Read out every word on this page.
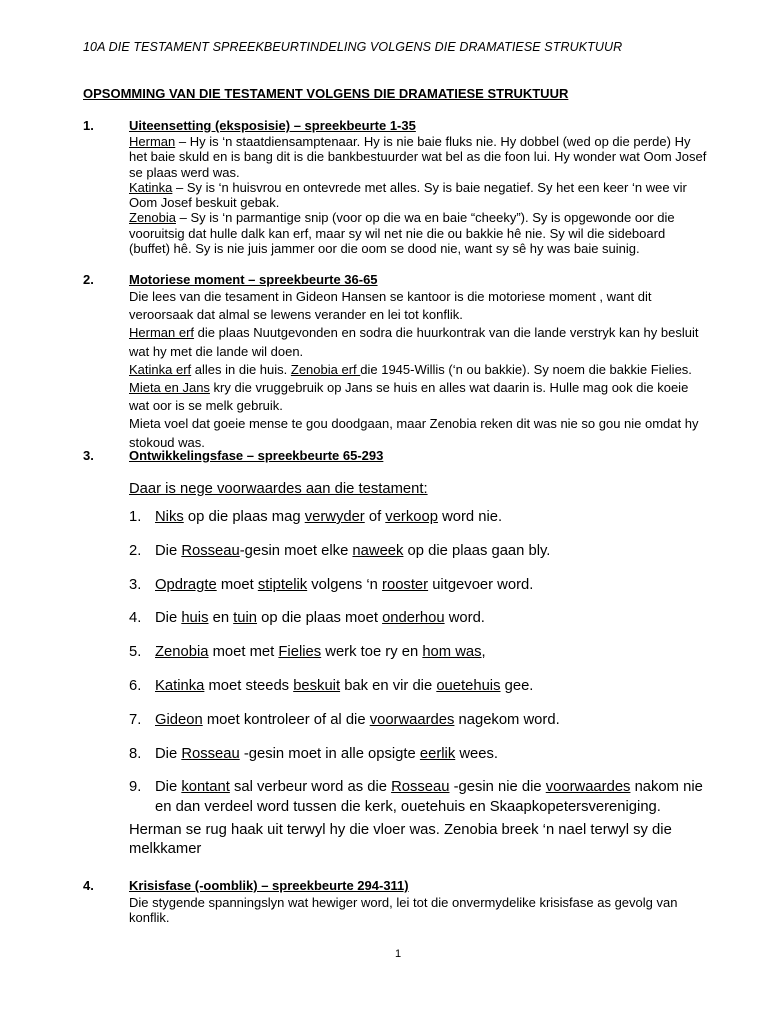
10A DIE TESTAMENT SPREEKBEURTINDELING VOLGENS DIE DRAMATIESE STRUKTUUR
OPSOMMING VAN DIE TESTAMENT VOLGENS DIE DRAMATIESE STRUKTUUR
1.	Uiteensetting (eksposisie) – spreekbeurte 1-35

Herman – Hy is ‘n staatdiensamptenaar. Hy is nie baie fluks nie. Hy dobbel (wed op die perde) Hy het baie skuld en is bang dit is die bankbestuurder wat bel as die foon lui. Hy wonder wat Oom Josef se plaas werd was.

Katinka – Sy is ‘n huisvrou en ontevrede met alles. Sy is baie negatief. Sy het een keer ‘n wee vir Oom Josef beskuit gebak.

Zenobia – Sy is ‘n parmantige snip (voor op die wa en baie “cheeky”). Sy is opgewonde oor die vooruitsig dat hulle dalk kan erf, maar sy wil net nie die ou bakkie hê nie. Sy wil die sideboard (buffet) hê. Sy is nie juis jammer oor die oom se dood nie, want sy sê hy was baie suinig.

2.	Motoriese moment – spreekbeurte 36-65

Die lees van die tesament in Gideon Hansen se kantoor is die motoriese moment , want dit veroorsaak dat almal se lewens verander en lei tot konflik.

Herman erf die plaas Nuutgevonden en sodra die huurkontrak van die lande verstryk kan hy besluit wat hy met die lande wil doen.

Katinka erf alles in die huis. Zenobia erf die 1945-Willis (‘n ou bakkie). Sy noem die bakkie Fielies. Mieta en Jans kry die vruggebruik op Jans se huis en alles wat daarin is. Hulle mag ook die koeie wat oor is se melk gebruik.

Mieta voel dat goeie mense te gou doodgaan, maar Zenobia reken dit was nie so gou nie omdat hy stokoud was.

3.	Ontwikkelingsfase – spreekbeurte 65-293
Daar is nege voorwaardes aan die testament:
1. Niks op die plaas mag verwyder of verkoop word nie.
2. Die Rosseau-gesin moet elke naweek op die plaas gaan bly.
3. Opdragte moet stiptelik volgens ‘n rooster uitgevoer word.
4. Die huis en tuin op die plaas moet onderhou word.
5. Zenobia moet met Fielies werk toe ry en hom was,
6. Katinka moet steeds beskuit bak en vir die ouetehuis gee.
7. Gideon moet kontroleer of al die voorwaardes nagekom word.
8. Die Rosseau -gesin moet in alle opsigte eerlik wees.
9. Die kontant sal verbeur word as die Rosseau -gesin nie die voorwaardes nakom nie en dan verdeel word tussen die kerk, ouetehuis en Skaapkopetersvereniging.
Herman se rug haak uit terwyl hy die vloer was. Zenobia breek ‘n nael terwyl sy die melkkamer
4.	Krisisfase (-oomblik) – spreekbeurte 294-311)

Die stygende spanningslyn wat hewiger word, lei tot die onvermydelike krisisfase as gevolg van konflik.

1
